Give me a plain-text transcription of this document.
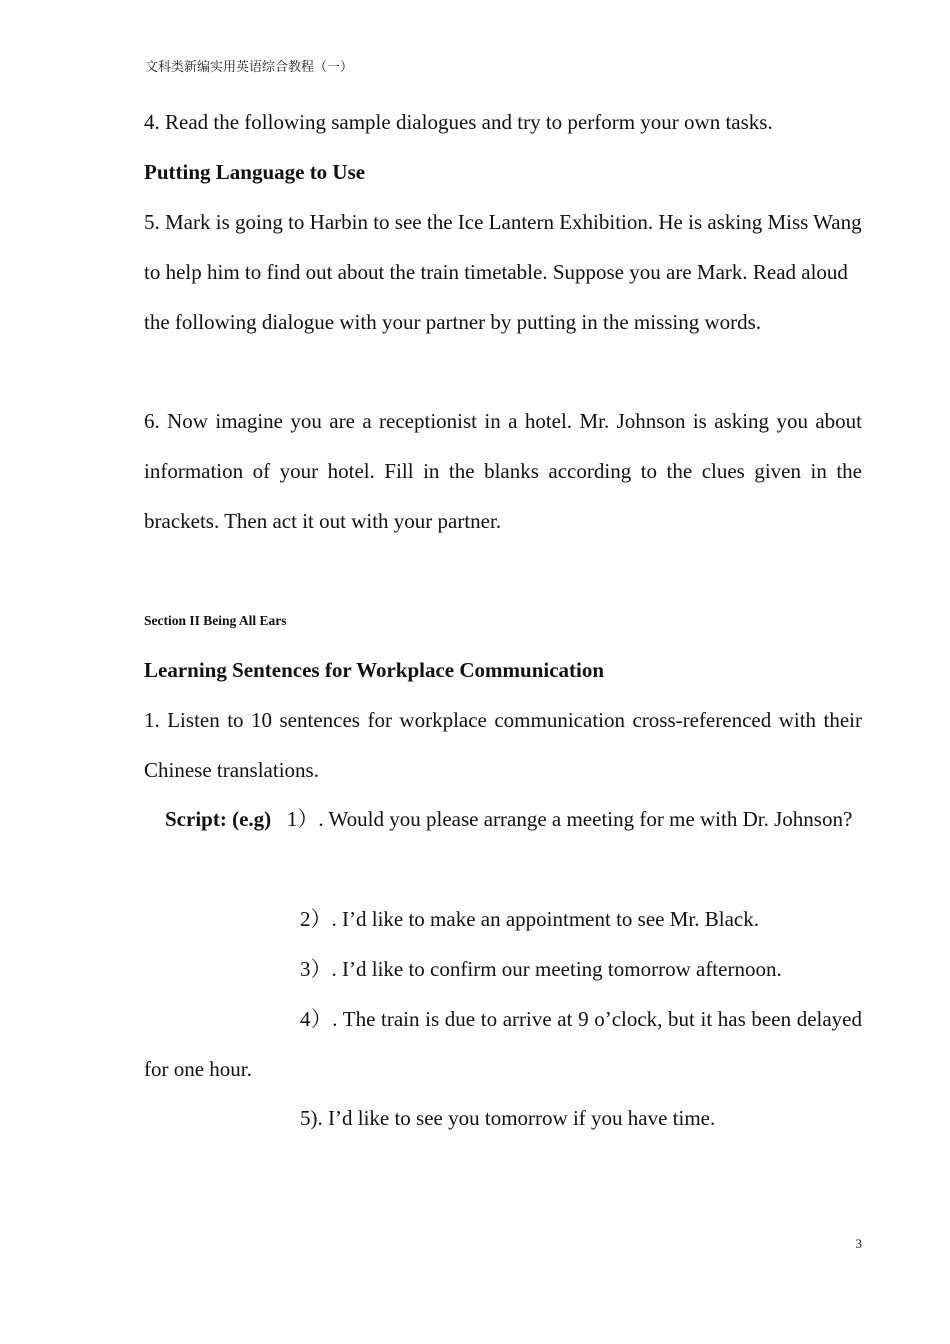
文科类新编实用英语综合教程（一）

4. Read the following sample dialogues and try to perform your own tasks.

Putting Language to Use

5. Mark is going to Harbin to see the Ice Lantern Exhibition. He is asking Miss Wang to help him to find out about the train timetable. Suppose you are Mark. Read aloud the following dialogue with your partner by putting in the missing words.

6. Now imagine you are a receptionist in a hotel. Mr. Johnson is asking you about information of your hotel. Fill in the blanks according to the clues given in the brackets. Then act it out with your partner.

Section II Being All Ears

Learning Sentences for Workplace Communication

1. Listen to 10 sentences for workplace communication cross-referenced with their Chinese translations.

Script: (e.g) 1）. Would you please arrange a meeting for me with Dr. Johnson?

2）. I’d like to make an appointment to see Mr. Black.
3）. I’d like to confirm our meeting tomorrow afternoon.

4）. The train is due to arrive at 9 o’clock, but it has been delayed for one hour.

5). I’d like to see you tomorrow if you have time.
3
